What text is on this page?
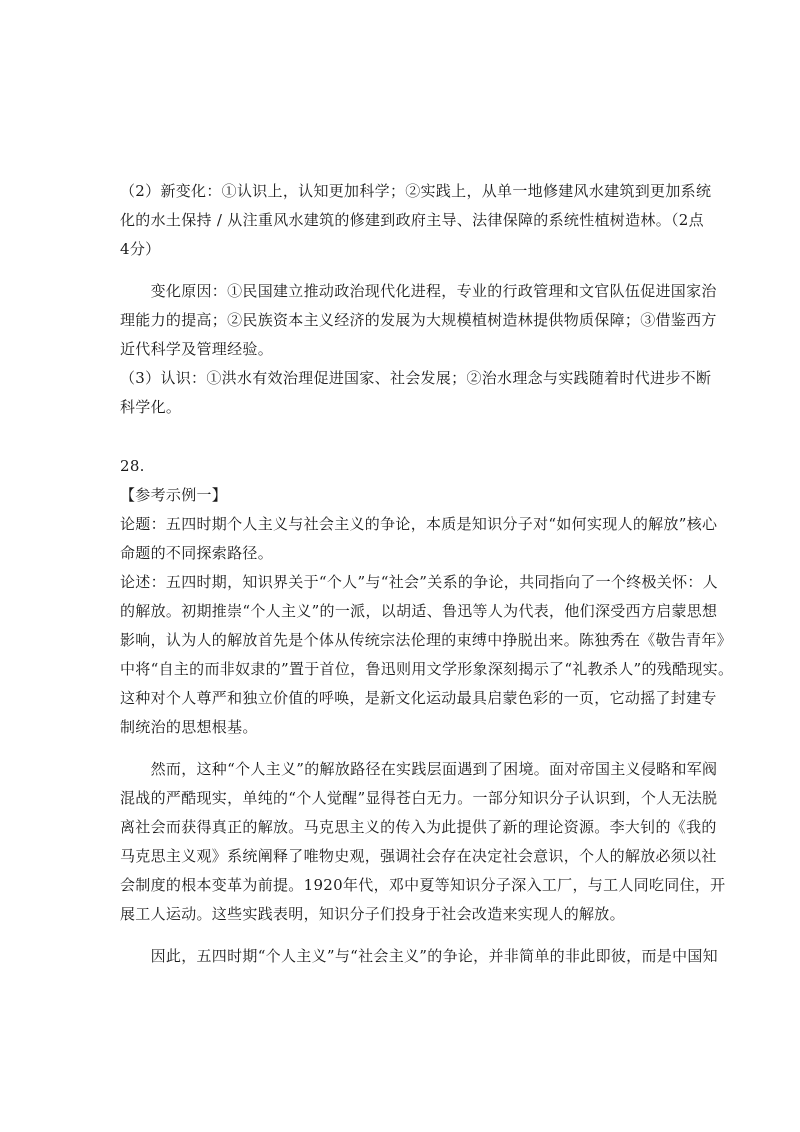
（2）新变化：①认识上，认知更加科学；②实践上，从单一地修建风水建筑到更加系统
化的水土保持 / 从注重风水建筑的修建到政府主导、法律保障的系统性植树造林。（2点
4分）
　　变化原因：①民国建立推动政治现代化进程，专业的行政管理和文官队伍促进国家治
理能力的提高；②民族资本主义经济的发展为大规模植树造林提供物质保障；③借鉴西方
近代科学及管理经验。
（3）认识：①洪水有效治理促进国家、社会发展；②治水理念与实践随着时代进步不断
科学化。
28.
【参考示例一】
论题：五四时期个人主义与社会主义的争论，本质是知识分子对“如何实现人的解放”核心
命题的不同探索路径。
论述：五四时期，知识界关于“个人”与“社会”关系的争论，共同指向了一个终极关怀：人
的解放。初期推崇“个人主义”的一派，以胡适、鲁迅等人为代表，他们深受西方启蒙思想
影响，认为人的解放首先是个体从传统宗法伦理的束缚中挣脱出来。陈独秀在《敬告青年》
中将“自主的而非奴隶的”置于首位，鲁迅则用文学形象深刻揭示了“礼教杀人”的残酷现实。
这种对个人尊严和独立价值的呼唤，是新文化运动最具启蒙色彩的一页，它动摇了封建专
制统治的思想根基。
　　然而，这种“个人主义”的解放路径在实践层面遇到了困境。面对帝国主义侵略和军阀
混战的严酷现实，单纯的“个人觉醒”显得苍白无力。一部分知识分子认识到，个人无法脱
离社会而获得真正的解放。马克思主义的传入为此提供了新的理论资源。李大钊的《我的
马克思主义观》系统阐释了唯物史观，强调社会存在决定社会意识，个人的解放必须以社
会制度的根本变革为前提。1920年代，邓中夏等知识分子深入工厂，与工人同吃同住，开
展工人运动。这些实践表明，知识分子们投身于社会改造来实现人的解放。
　　因此，五四时期“个人主义”与“社会主义”的争论，并非简单的非此即彼，而是中国知
